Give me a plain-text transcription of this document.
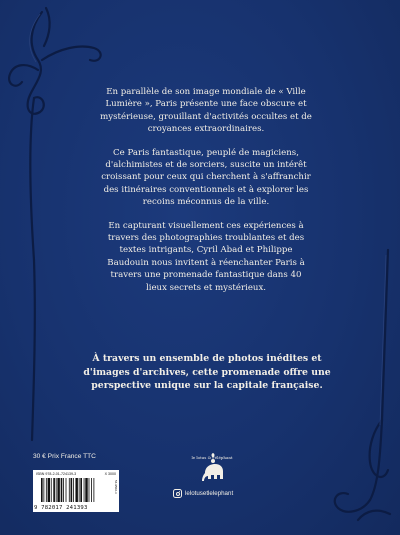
En parallèle de son image mondiale de « Ville Lumière », Paris présente une face obscure et mystérieuse, grouillant d'activités occultes et de croyances extraordinaires.

Ce Paris fantastique, peuplé de magiciens, d'alchimistes et de sorciers, suscite un intérêt croissant pour ceux qui cherchent à s'affranchir des itinéraires conventionnels et à explorer les recoins méconnus de la ville.

En capturant visuellement ces expériences à travers des photographies troublantes et des textes intrigants, Cyril Abad et Philippe Baudouin nous invitent à réenchanter Paris à travers une promenade fantastique dans 40 lieux secrets et mystérieux.

À travers un ensemble de photos inédites et d'images d'archives, cette promenade offre une perspective unique sur la capitale française.
30 € Prix France TTC
ISBN 978-2-01-724139-3	X 3000
9 782017 241393
54-9502-3
le lotus & l'éléphant
lelotusetlelephant
